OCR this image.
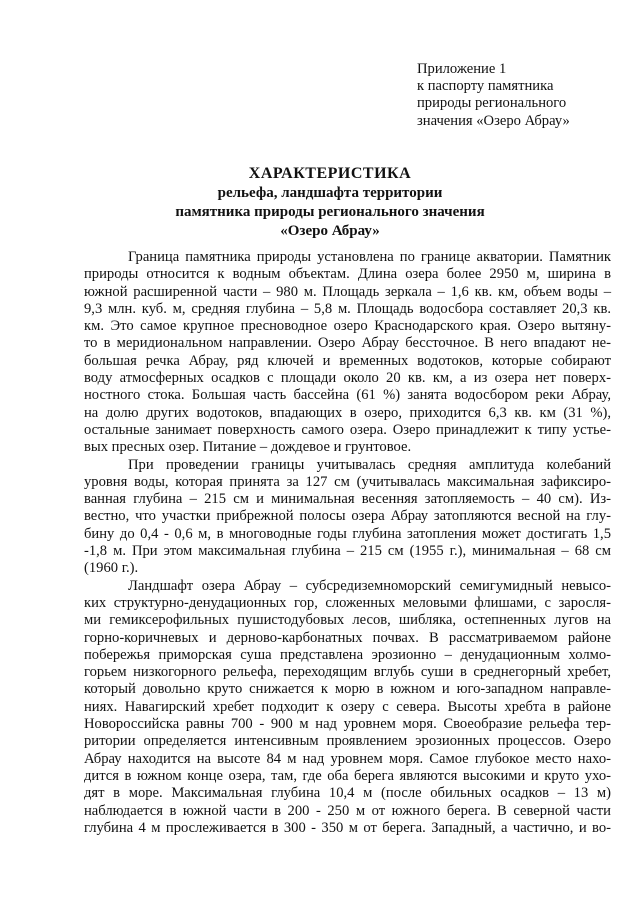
Приложение 1
к паспорту памятника
природы регионального
значения «Озеро Абрау»
ХАРАКТЕРИСТИКА
рельефа, ландшафта территории
памятника природы регионального значения
«Озеро Абрау»
Граница памятника природы установлена по границе акватории. Памятник
природы относится к водным объектам. Длина озера более 2950 м, ширина в
южной расширенной части – 980 м. Площадь зеркала – 1,6 кв. км, объем воды –
9,3 млн. куб. м, средняя глубина – 5,8 м. Площадь водосбора составляет 20,3 кв.
км. Это самое крупное пресноводное озеро Краснодарского края. Озеро вытяну-
то в меридиональном направлении. Озеро Абрау бессточное. В него впадают не-
большая речка Абрау, ряд ключей и временных водотоков, которые собирают
воду атмосферных осадков с площади около 20 кв. км, а из озера нет поверх-
ностного стока. Большая часть бассейна (61 %) занята водосбором реки Абрау,
на долю других водотоков, впадающих в озеро, приходится 6,3 кв. км (31 %),
остальные занимает поверхность самого озера. Озеро принадлежит к типу устье-
вых пресных озер. Питание – дождевое и грунтовое.
При проведении границы учитывалась средняя амплитуда колебаний
уровня воды, которая принята за 127 см (учитывалась максимальная зафиксиро-
ванная глубина – 215 см и минимальная весенняя затопляемость – 40 см). Из-
вестно, что участки прибрежной полосы озера Абрау затопляются весной на глу-
бину до 0,4 - 0,6 м, в многоводные годы глубина затопления может достигать 1,5
-1,8 м. При этом максимальная глубина – 215 см (1955 г.), минимальная – 68 см
(1960 г.).
Ландшафт озера Абрау – субсредиземноморский семигумидный невысо-
ких структурно-денудационных гор, сложенных меловыми флишами, с заросля-
ми гемиксерофильных пушистодубовых лесов, шибляка, остепненных лугов на
горно-коричневых и дерново-карбонатных почвах. В рассматриваемом районе
побережья приморская суша представлена эрозионно – денудационным холмо-
горьем низкогорного рельефа, переходящим вглубь суши в среднегорный хребет,
который довольно круто снижается к морю в южном и юго-западном направле-
ниях. Навагирский хребет подходит к озеру с севера. Высоты хребта в районе
Новороссийска равны 700 - 900 м над уровнем моря. Своеобразие рельефа тер-
ритории определяется интенсивным проявлением эрозионных процессов. Озеро
Абрау находится на высоте 84 м над уровнем моря. Самое глубокое место нахо-
дится в южном конце озера, там, где оба берега являются высокими и круто ухо-
дят в море. Максимальная глубина 10,4 м (после обильных осадков – 13 м)
наблюдается в южной части в 200 - 250 м от южного берега. В северной части
глубина 4 м прослеживается в 300 - 350 м от берега. Западный, а частично, и во-
